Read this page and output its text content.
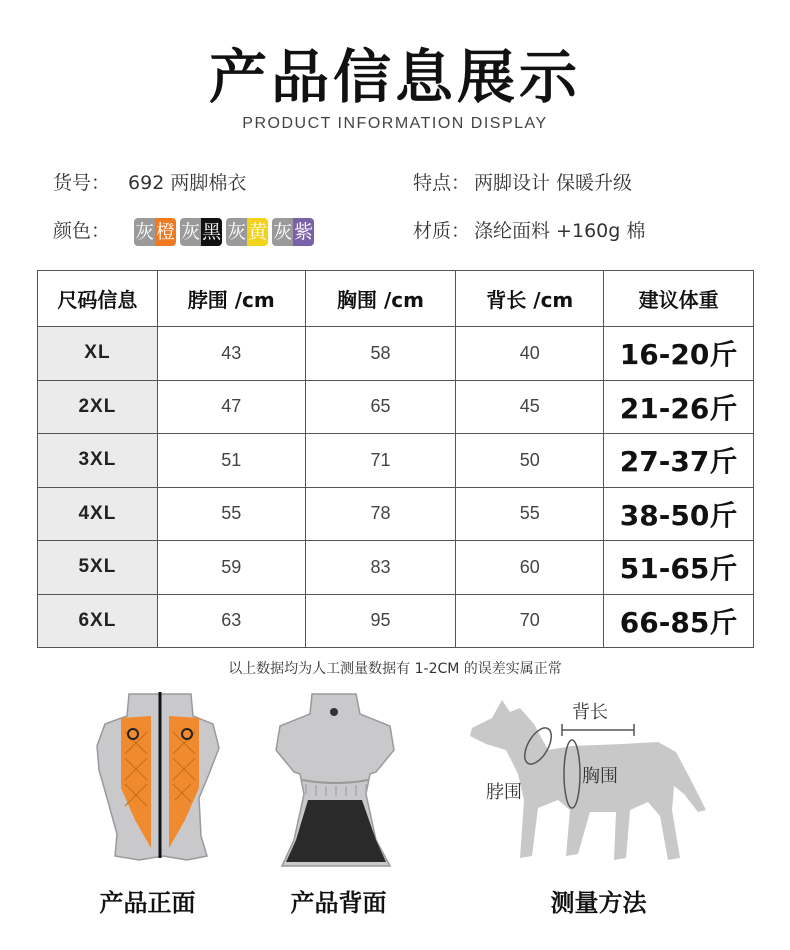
产品信息展示
PRODUCT INFORMATION DISPLAY
货号： 692 两脚棉衣	特点： 两脚设计 保暖升级
颜色： 灰 橙 灰 黑 灰 黄 灰 紫	材质： 涤纶面料 +160g 棉
尺码信息	脖围 /cm	胸围 /cm	背长 /cm	建议体重
XL	43	58	40	16-20斤
2XL	47	65	45	21-26斤
3XL	51	71	50	27-37斤
4XL	55	78	55	38-50斤
5XL	59	83	60	51-65斤
6XL	63	95	70	66-85斤
以上数据均为人工测量数据有 1-2CM 的误差实属正常
背长
脖围
胸围
产品正面	产品背面	测量方法
